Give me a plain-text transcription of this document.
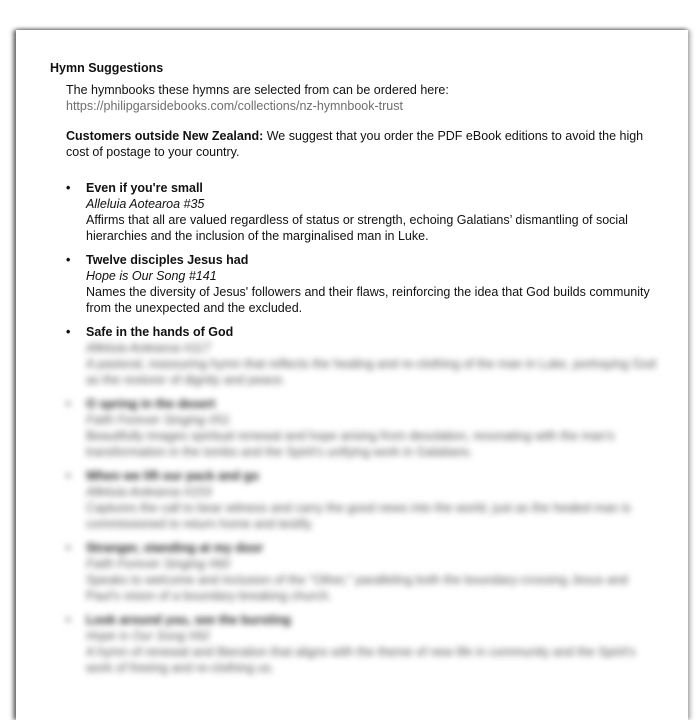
Hymn Suggestions

The hymnbooks these hymns are selected from can be ordered here:
https://philipgarsidebooks.com/collections/nz-hymnbook-trust

Customers outside New Zealand: We suggest that you order the PDF eBook editions to avoid the high cost of postage to your country.

• Even if you're small
Alleluia Aotearoa #35
Affirms that all are valued regardless of status or strength, echoing Galatians’ dismantling of social hierarchies and the inclusion of the marginalised man in Luke.
• Twelve disciples Jesus had
Hope is Our Song #141
Names the diversity of Jesus' followers and their flaws, reinforcing the idea that God builds community from the unexpected and the excluded.
• Safe in the hands of God
Alleluia Aotearoa #117
A pastoral, reassuring hymn that reflects the healing and re-clothing of the man in Luke, portraying God as the restorer of dignity and peace.
• O spring in the desert
Faith Forever Singing #51
Beautifully images spiritual renewal and hope arising from desolation, resonating with the man’s transformation in the tombs and the Spirit’s unifying work in Galatians.
• When we lift our pack and go
Alleluia Aotearoa #153
Captures the call to bear witness and carry the good news into the world, just as the healed man is commissioned to return home and testify.
• Stranger, standing at my door
Faith Forever Singing #60
Speaks to welcome and inclusion of the "Other," paralleling both the boundary-crossing Jesus and Paul’s vision of a boundary-breaking church.
• Look around you, see the bursting
Hope is Our Song #92
A hymn of renewal and liberation that aligns with the theme of new life in community and the Spirit’s work of freeing and re-clothing us.
